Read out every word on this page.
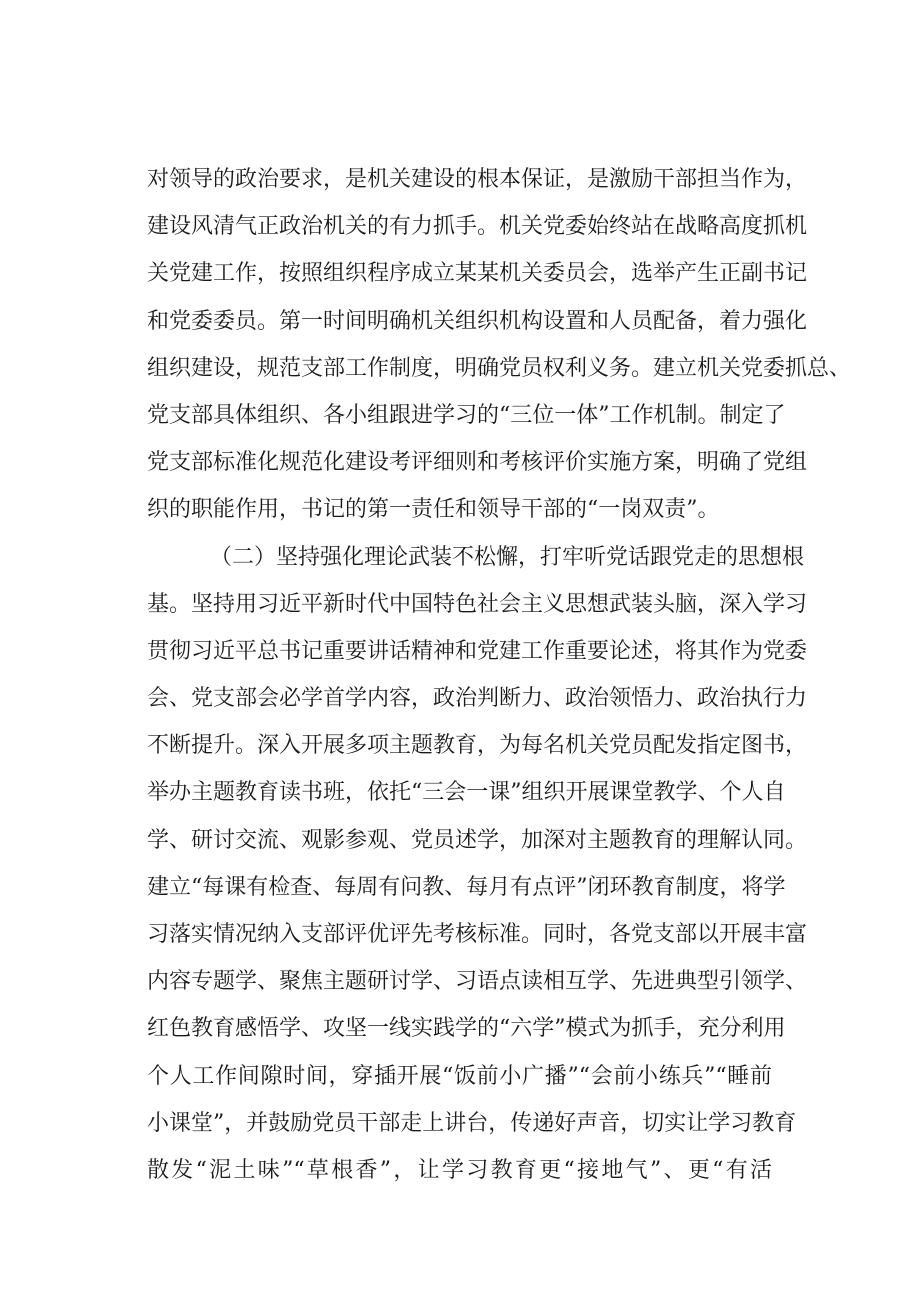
对领导的政治要求，是机关建设的根本保证，是激励干部担当作为，
建设风清气正政治机关的有力抓手。机关党委始终站在战略高度抓机
关党建工作，按照组织程序成立某某机关委员会，选举产生正副书记
和党委委员。第一时间明确机关组织机构设置和人员配备，着力强化
组织建设，规范支部工作制度，明确党员权利义务。建立机关党委抓总、
党支部具体组织、各小组跟进学习的“三位一体”工作机制。制定了
党支部标准化规范化建设考评细则和考核评价实施方案，明确了党组
织的职能作用，书记的第一责任和领导干部的“一岗双责”。
（二）坚持强化理论武装不松懈，打牢听党话跟党走的思想根
基。坚持用习近平新时代中国特色社会主义思想武装头脑，深入学习
贯彻习近平总书记重要讲话精神和党建工作重要论述，将其作为党委
会、党支部会必学首学内容，政治判断力、政治领悟力、政治执行力
不断提升。深入开展多项主题教育，为每名机关党员配发指定图书，
举办主题教育读书班，依托“三会一课”组织开展课堂教学、个人自
学、研讨交流、观影参观、党员述学，加深对主题教育的理解认同。
建立“每课有检查、每周有问教、每月有点评”闭环教育制度，将学
习落实情况纳入支部评优评先考核标准。同时，各党支部以开展丰富
内容专题学、聚焦主题研讨学、习语点读相互学、先进典型引领学、
红色教育感悟学、攻坚一线实践学的“六学”模式为抓手，充分利用
个人工作间隙时间，穿插开展“饭前小广播”“会前小练兵”“睡前
小课堂”，并鼓励党员干部走上讲台，传递好声音，切实让学习教育
散发“泥土味”“草根香”，让学习教育更“接地气”、更“有活
